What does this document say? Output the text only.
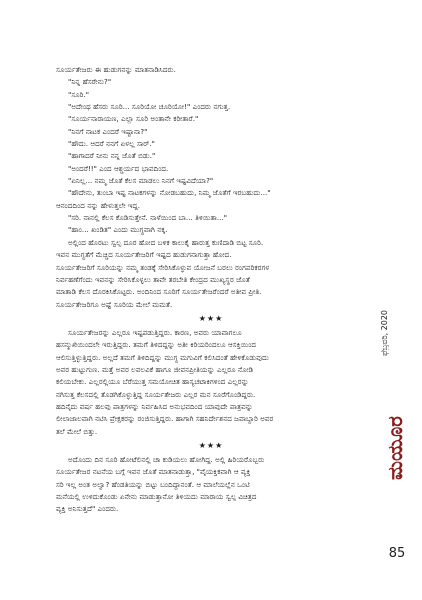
ಸೂರ್ಯತೇಜರು ಈ ಹುಡುಗನನ್ನು ಮಾತನಾಡಿಸಿದರು.
"ನಿನ್ನ ಹೆಸರೇನು?"
"ಸೂರಿ."
"ಅದೇಂಥ ಹೆಸರು ಸೂರಿ... ಸೂರಿಯೋ ಚೂರಿಯೋ!" ಎಂದರು ನಗುತ್ತ.
"ಸೂರ್ಯನಾರಾಯಣ, ಎಲ್ಲಾ ಸೂರಿ ಅಂತಾನೇ ಕರೀತಾರೆ."
"ನಿನಗೆ ನಾಟಕ ಎಂದರೆ ಇಷ್ಟಾನಾ?"
"ಹೌದು. ಆದರೆ ನನಗೆ ಏಳಲ್ಲ ಸಾರ್."
"ಹಾಗಾದರೆ ನೀನು ನನ್ನ ಜೊತೆ ಬಿಡು."
"ಅಂದರೆ!!" ಎಂದ ಆಶ್ಚರ್ಯದ ಭಾವದಿಂದ.
"ಏನಿಲ್ಲ... ನಮ್ಮ ಜೊತೆ ಕೆಲಸ ಮಾಡಲು ನಿನಗೆ ಇಷ್ಟವಿದೆಯಾ?"
"ಹೌದೇನು, ತುಂಬಾ ಇಷ್ಟ ನಾಟಕಗಳನ್ನು ನೋಡಬಹುದು, ನಿಮ್ಮ ಜೊತೆಗೆ ಇರಬಹುದು..."
ಆನಂದದಿಂದ ನನ್ನು ಹೇಳುತ್ತಲೇ ಇದ್ದ.
"ಸರಿ. ನಾನಲ್ಲಿ ಕೆಲಸ ಕೊಡಿಸುತ್ತೇನೆ. ನಾಳೆಯಿಂದ ಬಾ... ತಿಳಿಯಿತಾ..."
"ಹಾಂ... ಖಂಡಿತ" ಎಂದು ಮುಗ್ಧವಾಗಿ ನಕ್ಕ.
ಅಲ್ಲಿಂದ ಹೊರಟು ಸ್ವಲ್ಪ ದೂರ ಹೋದ ಬಳಿಕ ಕಾಲುಕೈ ಹಾರುತ್ತ ಕುಣಿದಾಡಿ ಬಿಟ್ಟ ಸೂರಿ.
ಇವನ ಮುಗ್ಧತೆಗೆ ಮೆಚ್ಚಿದ ಸೂರ್ಯತೇಜರಿಗೆ ಇಷ್ಟದ ಹುಡುಗನಾಗುತ್ತಾ ಹೋದ.
ಸೂರ್ಯತೇಜರಿಗೆ ಸೂರಿಯನ್ನು ನಮ್ಮ ತಂಡಕ್ಕೆ ಸೇರಿಸಿಕೊಳ್ಳುವ ಯೋಜನೆ ಬರಲು ರಂಗಪರಿಕರಗಳ
ನಿರ್ವಹಣೆಗೆಂದು ಇವನನ್ನು ಸೇರಿಸಿಕೊಳ್ಳಲು ತಾವೇ ತರಬೇತಿ ಕೇಂದ್ರದ ಮುಖ್ಯಸ್ಥರ ಜೊತೆ
ಮಾತಾಡಿ ಕೆಲಸ ದೊರಕಿಸಿಕೊಟ್ಟರು. ಅಂದಿನಿಂದ ಸೂರಿಗೆ ಸೂರ್ಯತೇಜರೆಂದರೆ ಅತೀವ ಪ್ರೀತಿ.
ಸೂರ್ಯತೇಜರಿಗೂ ಅಷ್ಟೆ ಸೂರಿಯ ಮೇಲೆ ಮಮತೆ.
★★★
ಸೂರ್ಯತೇಜರನ್ನು ಎಲ್ಲರೂ ಇಷ್ಟಪಡುತ್ತಿದ್ದರು. ಕಾರಣ, ಅವರು ಯಾವಾಗಲೂ
ಹಸನ್ಮುಖಿಯಿಂದಲೇ ಇರುತ್ತಿದ್ದರು. ತಮಗೆ ತಿಳಿದದ್ದನ್ನು ಅತೀ ಕಿರಿಯರಿಂದಲೂ ಆಸಕ್ತಿಯಿಂದ
ಆಲಿಸುತ್ತಿಳ್ಳುತ್ತಿದ್ದರು. ಅಲ್ಲದೆ ತಮಗೆ ತಿಳಿದಿದ್ದನ್ನು ಮುಗ್ಧ ಮಗುವಿಗೆ ಕಲಿಸಿದಂತೆ ಹೇಳಿಕೊಡುವುದು
ಅವರ ಹುಟ್ಟುಗುಣ. ಮತ್ತೆ ಅವರ ಲವಲವಿಕೆ ಹಾಗೂ ಜೀವನಪ್ರೀತಿಯನ್ನು ಎಲ್ಲರೂ ನೋಡಿ
ಕಲಿಯಬೇಕು. ಎಲ್ಲರಲ್ಲಿಯೂ ಬೆರೆಯುತ್ತ ಸಮಯೋಚಿತ ಹಾಸ್ಯಚಟಾಕಿಗಳಿಂದ ಎಲ್ಲರನ್ನು
ನಗಿಸುತ್ತ ಕೆಲಸದಲ್ಲಿ ತೊಡಗಿಕೊಳ್ಳುತ್ತಿದ್ದ ಸೂರ್ಯತೇಜರು ಎಲ್ಲರ ಮನ ಸೂರೆಗೊಂಡಿದ್ದರು.
ಹದಿನೈದು ವರ್ಷ ಹಲವು ಪಾತ್ರಗಳನ್ನು ನಿರ್ವಹಿಸಿದ ಅನುಭವದಿಂದ ಯಾವುದೇ ಪಾತ್ರವನ್ನು
ಲೀಲಾಜಾಲವಾಗಿ ನಟಿಸಿ ಪ್ರೇಕ್ಷಕರನ್ನು ರಂಜಿಸುತ್ತಿದ್ದರು. ಹಾಗಾಗಿ ಸಹನಿರ್ದೇಶನದ ಜವಾಬ್ದಾರಿ ಅವರ
ತಲೆ ಮೇಲೆ ಬಿತ್ತು.
★★★
ಅದೊಂದು ದಿನ ಸೂರಿ ಹೋಟೆಲಿನಲ್ಲಿ ಚಾ ಕುಡಿಯಲು ಹೋಗಿದ್ದ. ಅಲ್ಲಿ ಹಿರಿಯರೊಬ್ಬರು
ಸೂರ್ಯತೇಜರ ನಟನೆಯ ಬಗ್ಗೆ ಇವನ ಜೊತೆ ಮಾತನಾಡುತ್ತಾ, "ವೈಯಕ್ತಿಕವಾಗಿ ಆ ವ್ಯಕ್ತಿ
ಸರಿ ಇಲ್ಲ ಅಂತ ಅಲ್ವಾ? ಹೆಂಡತಿಯನ್ನು ಬಿಟ್ಟು ಬಂದಿದ್ದಾನಂತೆ. ಆ ಮಾಲೆಯಲ್ಲೆನ ಒಂಟಿ
ಮನೆಯಲ್ಲಿ ಉಳಿದುಕೊಂಡು ಏನೇನು ಮಾಡುತ್ತಾನೋ ತಿಳಿಯದು ಮಾರಾಯ ಸ್ವಲ್ಪ ವಿಚಿತ್ರದ
ವ್ಯಕ್ತಿ ಅನಿಸುತ್ತದೆ" ಎಂದರು.
ಫೆಬ್ರವರಿ, 2020
ಮಯೂರ
85
